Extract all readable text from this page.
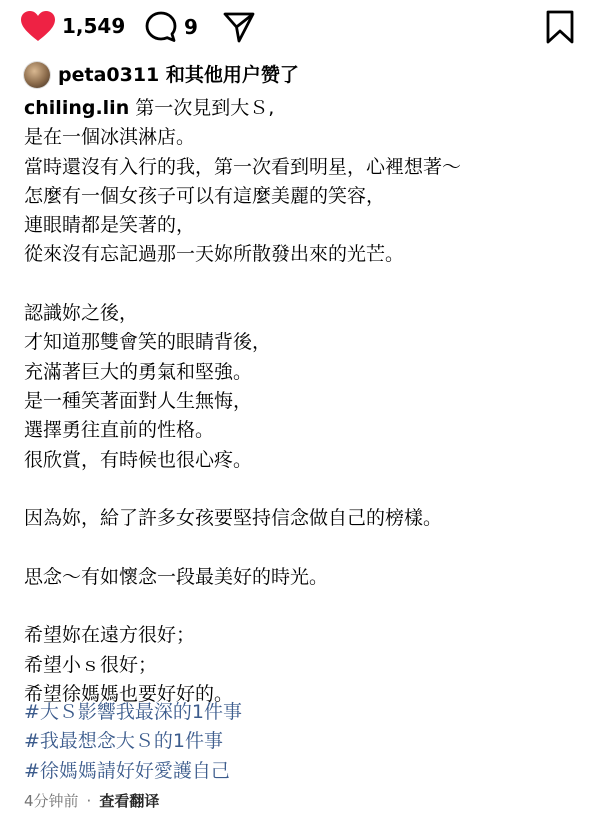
1,549	9
peta0311 和其他用户赞了
chiling.lin 第一次見到大Ｓ,
是在一個冰淇淋店。
當時還沒有入行的我，第一次看到明星，心裡想著～
怎麼有一個女孩子可以有這麼美麗的笑容，
連眼睛都是笑著的，
從來沒有忘記過那一天妳所散發出來的光芒。
認識妳之後，
才知道那雙會笑的眼睛背後，
充滿著巨大的勇氣和堅強。
是一種笑著面對人生無悔，
選擇勇往直前的性格。
很欣賞，有時候也很心疼。
因為妳，給了許多女孩要堅持信念做自己的榜樣。
思念～有如懷念一段最美好的時光。
希望妳在遠方很好；
希望小ｓ很好；
希望徐媽媽也要好好的。
#大Ｓ影響我最深的1件事
#我最想念大Ｓ的1件事
#徐媽媽請好好愛護自己
4分钟前 · 查看翻译
